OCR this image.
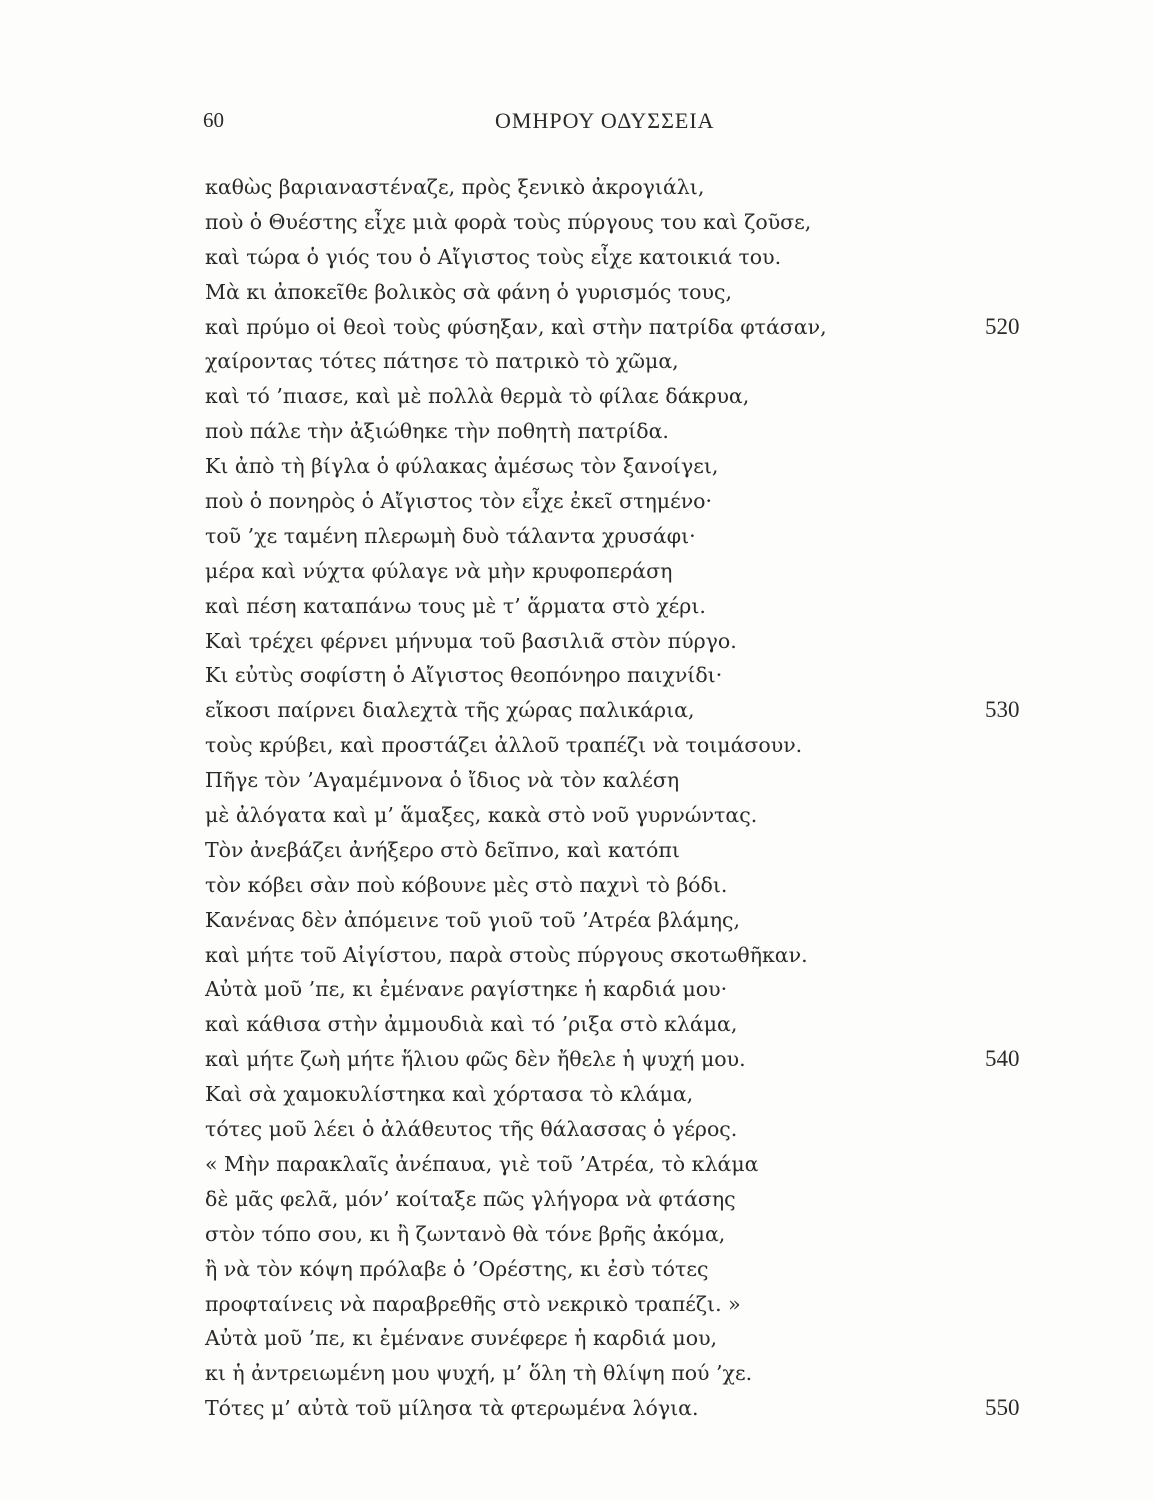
60	ΟΜΗΡΟΥ ΟΔΥΣΣΕΙΑ
καθὼς βαριαναστέναζε, πρὸς ξενικὸ ἀκρογιάλι,
ποὺ ὁ Θυέστης εἶχε μιὰ φορὰ τοὺς πύργους του καὶ ζοῦσε,
καὶ τώρα ὁ γιός του ὁ Αἴγιστος τοὺς εἶχε κατοικιά του.
Μὰ κι ἀποκεῖθε βολικὸς σὰ φάνη ὁ γυρισμός τους,
καὶ πρύμο οἱ θεοὶ τοὺς φύσηξαν, καὶ στὴν πατρίδα φτάσαν,	520
χαίροντας τότες πάτησε τὸ πατρικὸ τὸ χῶμα,
καὶ τό ’πιασε, καὶ μὲ πολλὰ θερμὰ τὸ φίλαε δάκρυα,
ποὺ πάλε τὴν ἀξιώθηκε τὴν ποθητὴ πατρίδα.
Κι ἀπὸ τὴ βίγλα ὁ φύλακας ἀμέσως τὸν ξανοίγει,
ποὺ ὁ πονηρὸς ὁ Αἴγιστος τὸν εἶχε ἐκεῖ στημένο·
τοῦ ’χε ταμένη πλερωμὴ δυὸ τάλαντα χρυσάφι·
μέρα καὶ νύχτα φύλαγε νὰ μὴν κρυφοπεράση
καὶ πέση καταπάνω τους μὲ τ’ ἅρματα στὸ χέρι.
Καὶ τρέχει φέρνει μήνυμα τοῦ βασιλιᾶ στὸν πύργο.
Κι εὐτὺς σοφίστη ὁ Αἴγιστος θεοπόνηρο παιχνίδι·
εἴκοσι παίρνει διαλεχτὰ τῆς χώρας παλικάρια,	530
τοὺς κρύβει, καὶ προστάζει ἀλλοῦ τραπέζι νὰ τοιμάσουν.
Πῆγε τὸν ’Αγαμέμνονα ὁ ἴδιος νὰ τὸν καλέση
μὲ ἀλόγατα καὶ μ’ ἅμαξες, κακὰ στὸ νοῦ γυρνώντας.
Τὸν ἀνεβάζει ἀνήξερο στὸ δεῖπνο, καὶ κατόπι
τὸν κόβει σὰν ποὺ κόβουνε μὲς στὸ παχνὶ τὸ βόδι.
Κανένας δὲν ἀπόμεινε τοῦ γιοῦ τοῦ ’Ατρέα βλάμης,
καὶ μήτε τοῦ Αἰγίστου, παρὰ στοὺς πύργους σκοτωθῆκαν.
Αὐτὰ μοῦ ’πε, κι ἐμένανε ραγίστηκε ἡ καρδιά μου·
καὶ κάθισα στὴν ἀμμουδιὰ καὶ τό ’ριξα στὸ κλάμα,
καὶ μήτε ζωὴ μήτε ἥλιου φῶς δὲν ἤθελε ἡ ψυχή μου.	540
Καὶ σὰ χαμοκυλίστηκα καὶ χόρτασα τὸ κλάμα,
τότες μοῦ λέει ὁ ἀλάθευτος τῆς θάλασσας ὁ γέρος.
« Μὴν παρακλαῖς ἀνέπαυα, γιὲ τοῦ ’Ατρέα, τὸ κλάμα
δὲ μᾶς φελᾶ, μόν’ κοίταξε πῶς γλήγορα νὰ φτάσης
στὸν τόπο σου, κι ἢ ζωντανὸ θὰ τόνε βρῆς ἀκόμα,
ἢ νὰ τὸν κόψη πρόλαβε ὁ ’Ορέστης, κι ἐσὺ τότες
προφταίνεις νὰ παραβρεθῆς στὸ νεκρικὸ τραπέζι. »
Αὐτὰ μοῦ ’πε, κι ἐμένανε συνέφερε ἡ καρδιά μου,
κι ἡ ἀντρειωμένη μου ψυχή, μ’ ὅλη τὴ θλίψη πού ’χε.
Τότες μ’ αὐτὰ τοῦ μίλησα τὰ φτερωμένα λόγια.	550
